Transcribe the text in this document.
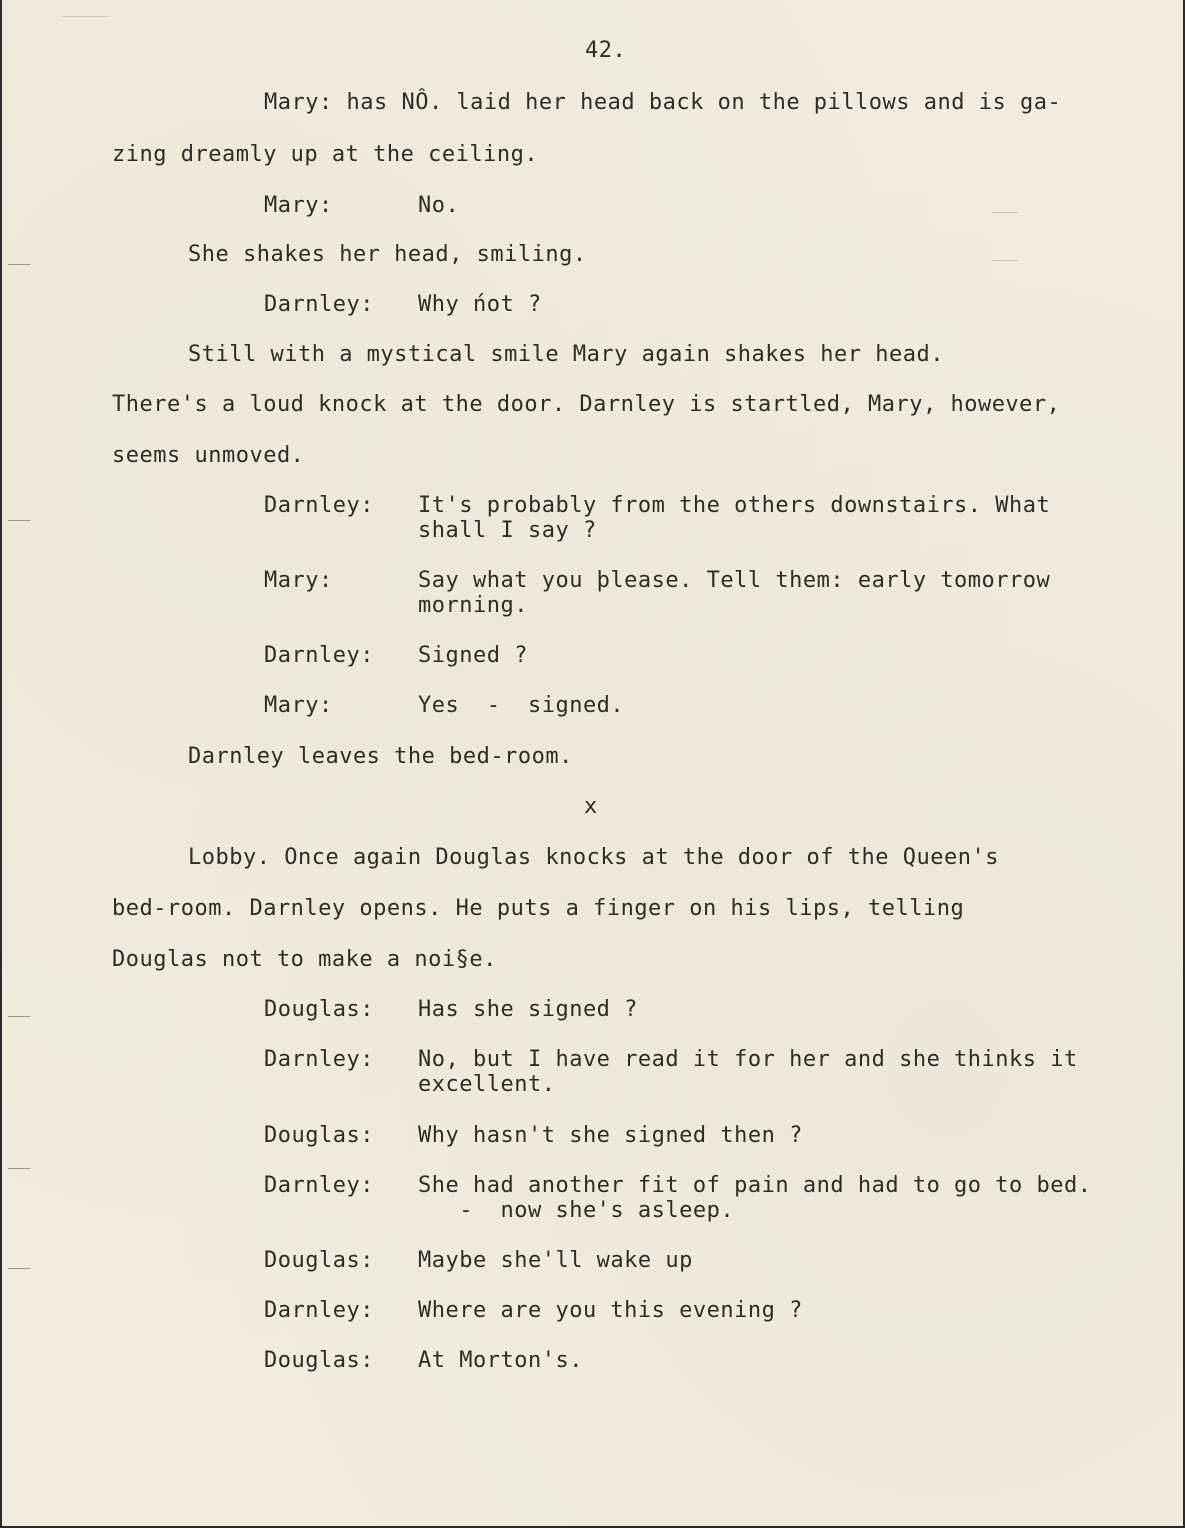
42.
Mary: has NÔ. laid her head back on the pillows and is ga-
zing dreamly up at the ceiling.
Mary:	No.
She shakes her head, smiling.
Darnley: Why ńot ?
Still with a mystical smile Mary again shakes her head.
There's a loud knock at the door. Darnley is startled, Mary, however,
seems unmoved.
Darnley: It's probably from the others downstairs. What
shall I say ?
Mary:	Say what you þlease. Tell them: early tomorrow
morning.
Darnley: Signed ?
Mary:	Yes  -  signed.
Darnley leaves the bed-room.
x
Lobby. Once again Douglas knocks at the door of the Queen's
bed-room. Darnley opens. He puts a finger on his lips, telling
Douglas not to make a noi§e.
Douglas: Has she signed ?
Darnley: No, but I have read it for her and she thinks it
excellent.
Douglas: Why hasn't she signed then ?
Darnley: She had another fit of pain and had to go to bed.
-  now she's asleep.
Douglas: Maybe she'll wake up
Darnley: Where are you this evening ?
Douglas: At Morton's.
